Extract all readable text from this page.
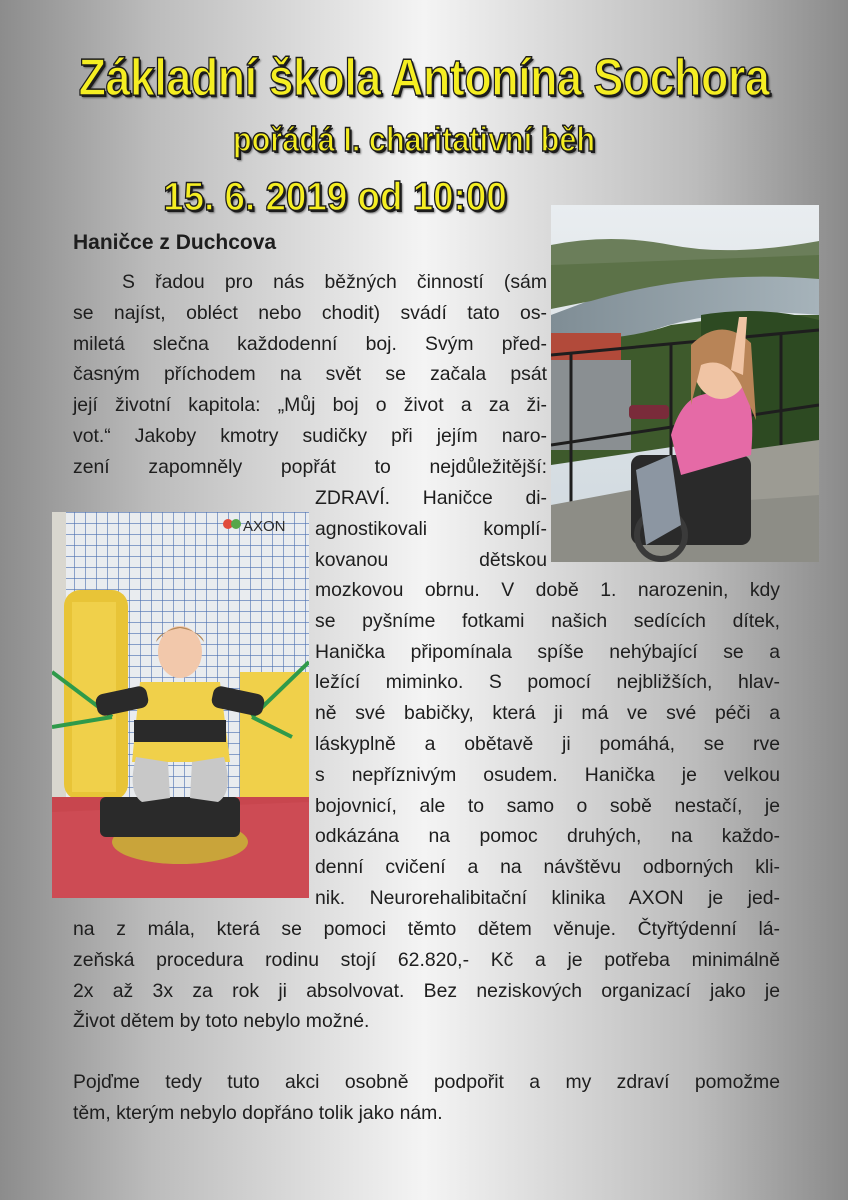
Základní škola Antonína Sochora
pořádá I. charitativní běh
15. 6. 2019 od 10:00
Haničce z Duchcova

S řadou pro nás běžných činností (sám

se najíst, obléct nebo chodit) svádí tato os-

miletá slečna každodenní boj. Svým před-

časným příchodem na svět se začala psát

její životní kapitola: „Můj boj o život a za ži-

vot.“ Jakoby kmotry sudičky při jejím naro-

zení zapomněly popřát to nejdůležitější:

ZDRAVÍ. Haničce di-

agnostikovali komplí-

kovanou dětskou

mozkovou obrnu. V době 1. narozenin, kdy

se pyšníme fotkami našich sedících dítek,

Hanička připomínala spíše nehýbající se a

ležící miminko. S pomocí nejbližších, hlav-

ně své babičky, která ji má ve své péči a

láskyplně a obětavě ji pomáhá, se rve

s nepříznivým osudem. Hanička je velkou

bojovnicí, ale to samo o sobě nestačí, je

odkázána na pomoc druhých, na každo-

denní cvičení a na návštěvu odborných kli-

nik. Neurorehalibitační klinika AXON je jed-

na z mála, která se pomoci těmto dětem věnuje. Čtyřtýdenní lá-

zeňská procedura rodinu stojí 62.820,- Kč a je potřeba minimálně

2x až 3x za rok ji absolvovat. Bez neziskových organizací jako je

Život dětem by toto nebylo možné.

Pojďme tedy tuto akci osobně podpořit a my zdraví pomožme

těm, kterým nebylo dopřáno tolik jako nám.

AXON
